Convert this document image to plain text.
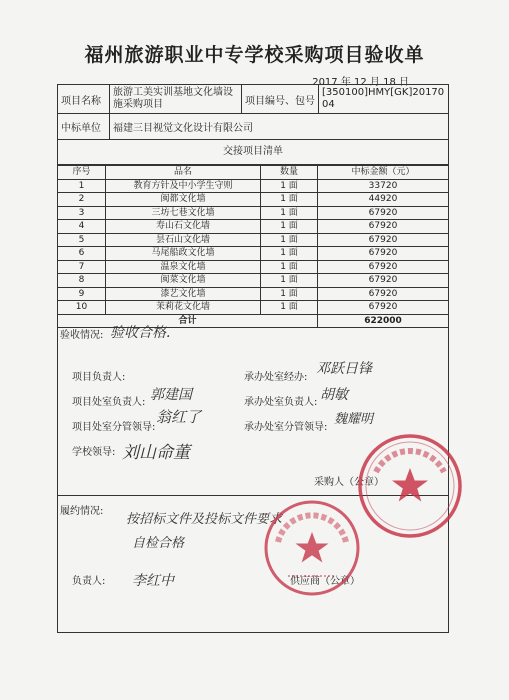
福州旅游职业中专学校采购项目验收单
2017 年 12 月 18 日
项目名称	旅游工美实训基地文化墙设施采购项目	项目编号、包号	[350100]HMY[GK]2017004
中标单位	福建三目视觉文化设计有限公司		
交接项目清单
序号	品名	数量	中标金额（元）
1	教育方针及中小学生守则	1 面	33720
2	闽都文化墙	1 面	44920
3	三坊七巷文化墙	1 面	67920
4	寿山石文化墙	1 面	67920
5	昙石山文化墙	1 面	67920
6	马尾船政文化墙	1 面	67920
7	温泉文化墙	1 面	67920
8	闽菜文化墙	1 面	67920
9	漆艺文化墙	1 面	67920
10	茉莉花文化墙	1 面	67920
合计			622000
验收情况: 验收合格.
项目负责人:	承办处室经办:
邓跃日锋
项目处室负责人: 郭建国	承办处室负责人: 胡敏
项目处室分管领导:
翁红了
承办处室分管领导:
魏耀明
学校领导: 刘山命董
采购人（公章）
履约情况:
按招标文件及投标文件要求
自检合格
负责人: 李红中	供应商（公章）
